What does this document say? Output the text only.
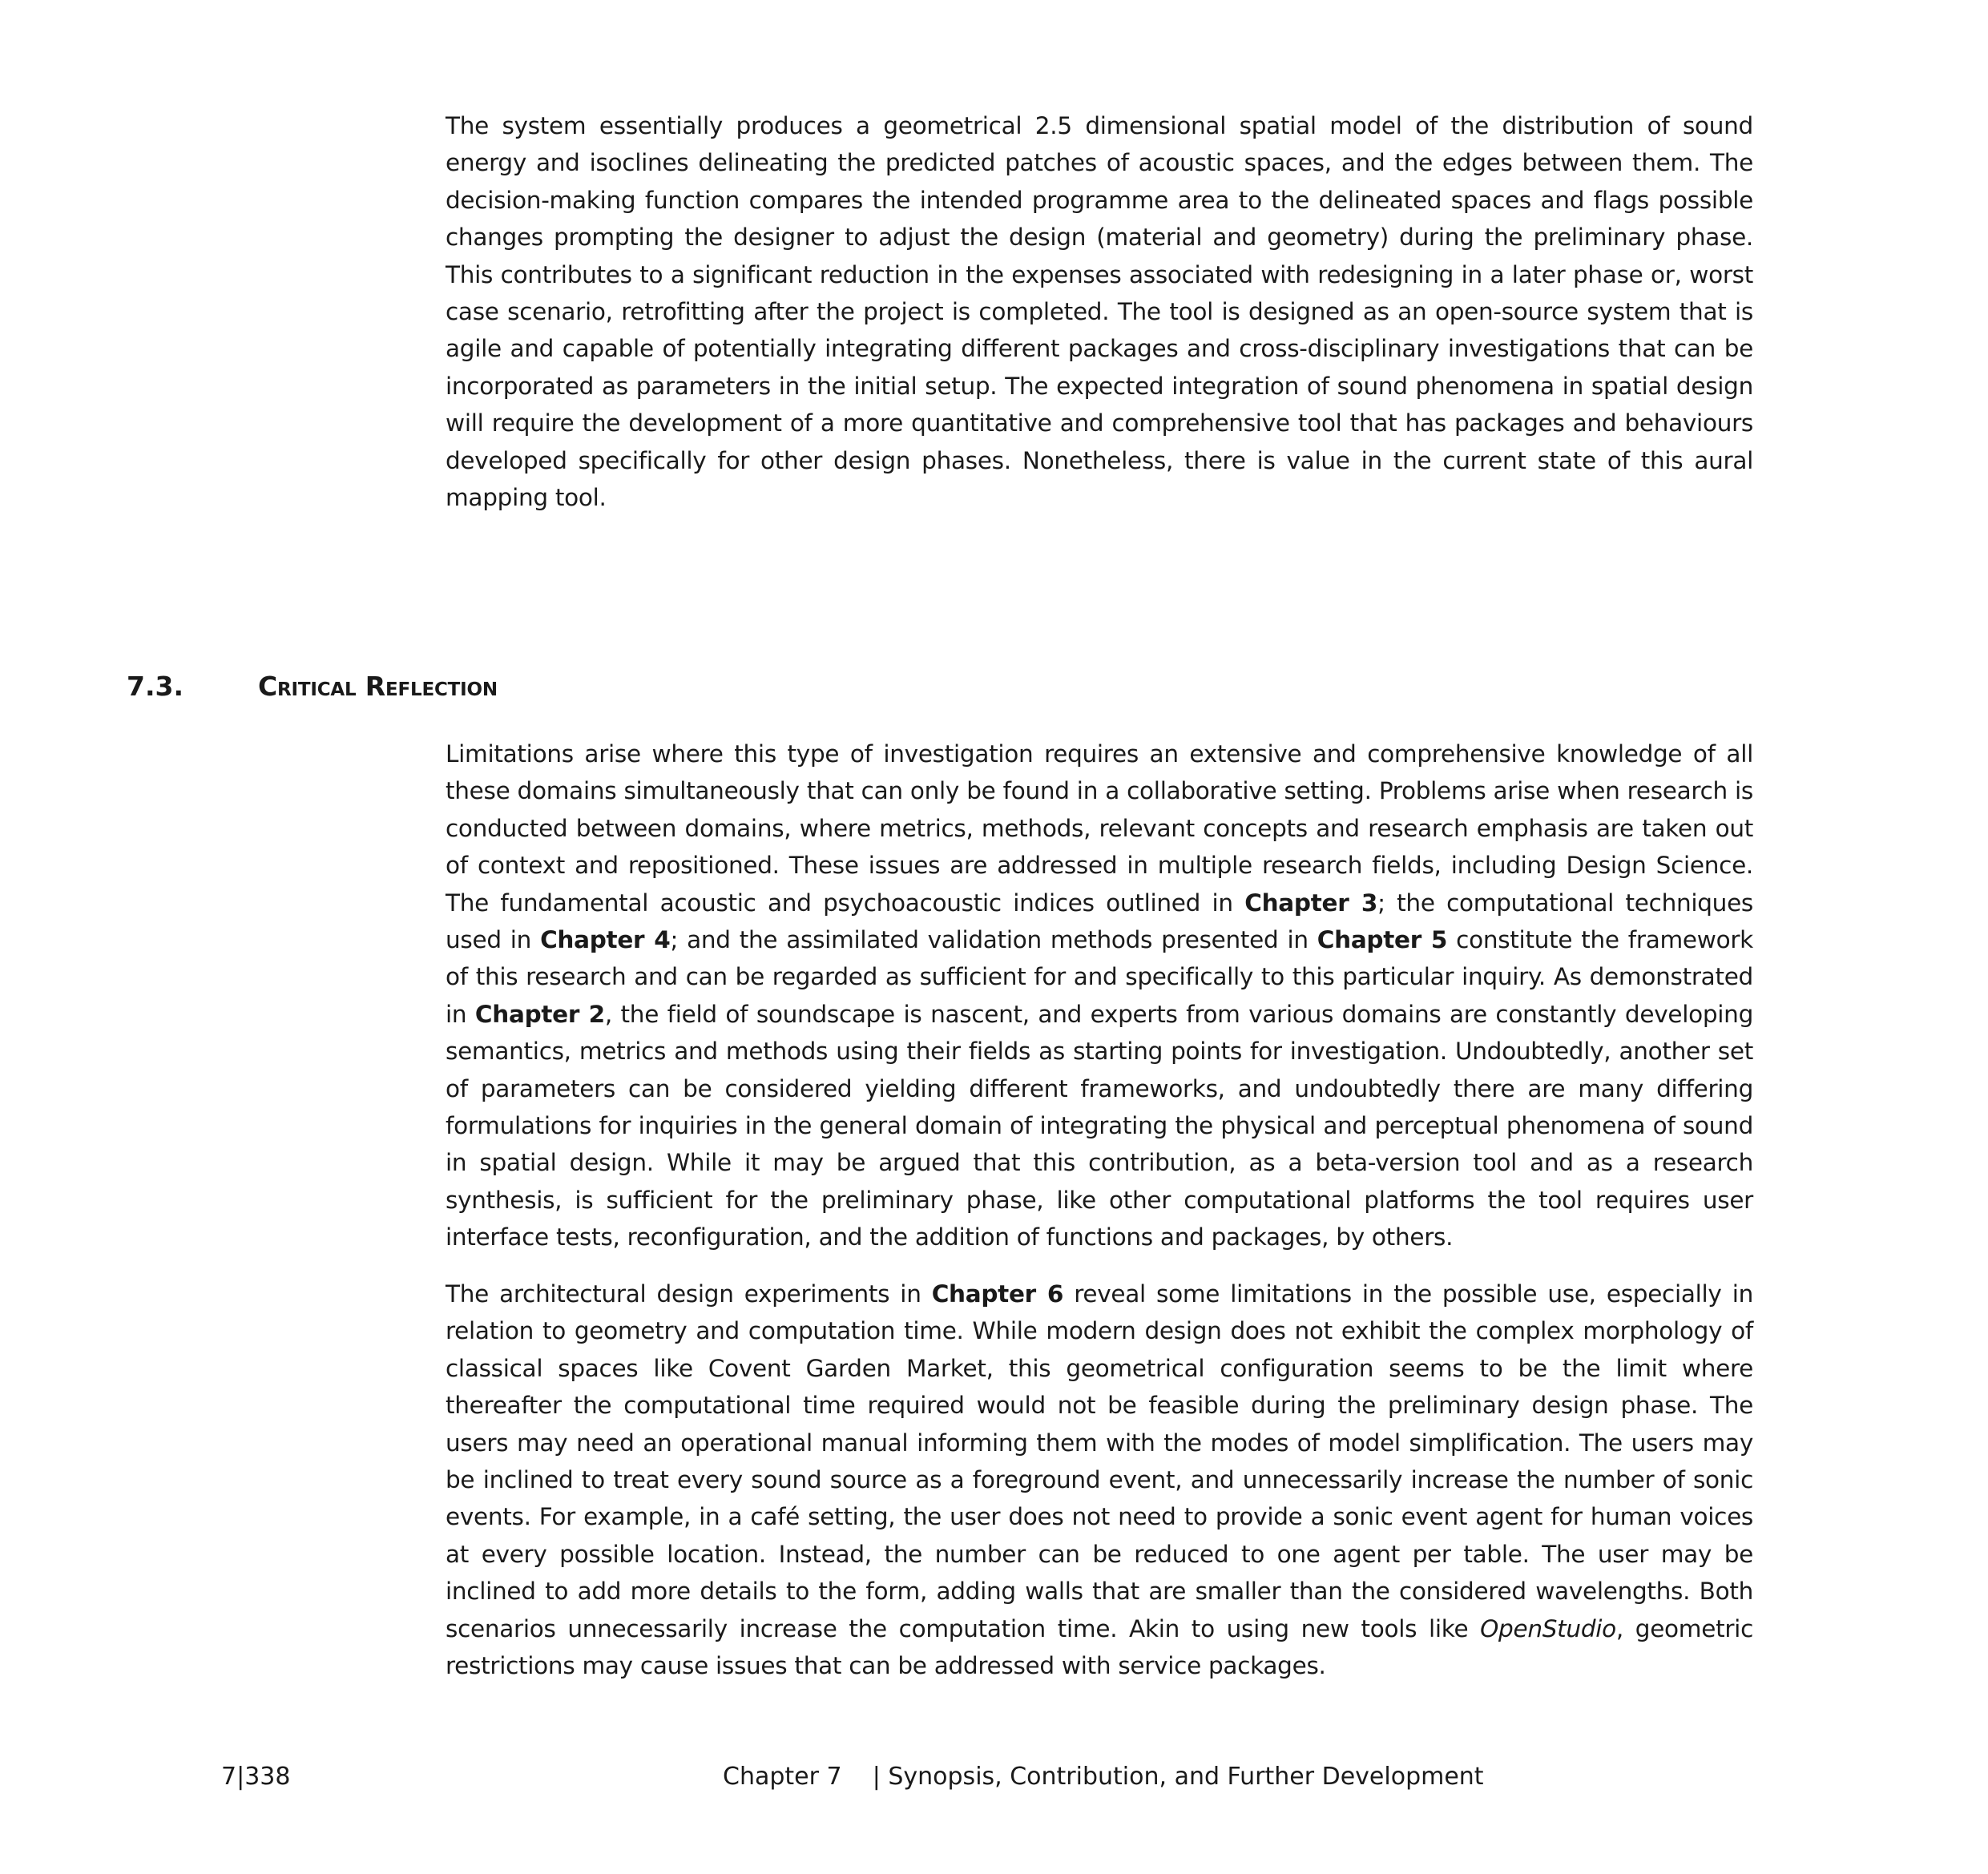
The system essentially produces a geometrical 2.5 dimensional spatial model of the distribution of sound energy and isoclines delineating the predicted patches of acoustic spaces, and the edges between them. The decision-making function compares the intended programme area to the delineated spaces and flags possible changes prompting the designer to adjust the design (material and geometry) during the preliminary phase. This contributes to a significant reduction in the expenses associated with redesigning in a later phase or, worst case scenario, retrofitting after the project is completed. The tool is designed as an open-source system that is agile and capable of potentially integrating different packages and cross-disciplinary investigations that can be incorporated as parameters in the initial setup. The expected integration of sound phenomena in spatial design will require the development of a more quantitative and comprehensive tool that has packages and behaviours developed specifically for other design phases. Nonetheless, there is value in the current state of this aural mapping tool.

7.3.	Critical Reflection

Limitations arise where this type of investigation requires an extensive and comprehensive knowledge of all these domains simultaneously that can only be found in a collaborative setting. Problems arise when research is conducted between domains, where metrics, methods, relevant concepts and research emphasis are taken out of context and repositioned. These issues are addressed in multiple research fields, including Design Science. The fundamental acoustic and psychoacoustic indices outlined in Chapter 3; the computational techniques used in Chapter 4; and the assimilated validation methods presented in Chapter 5 constitute the framework of this research and can be regarded as sufficient for and specifically to this particular inquiry. As demonstrated in Chapter 2, the field of soundscape is nascent, and experts from various domains are constantly developing semantics, metrics and methods using their fields as starting points for investigation. Undoubtedly, another set of parameters can be considered yielding different frameworks, and undoubtedly there are many differing formulations for inquiries in the general domain of integrating the physical and perceptual phenomena of sound in spatial design. While it may be argued that this contribution, as a beta-version tool and as a research synthesis, is sufficient for the preliminary phase, like other computational platforms the tool requires user interface tests, reconfiguration, and the addition of functions and packages, by others.

The architectural design experiments in Chapter 6 reveal some limitations in the possible use, especially in relation to geometry and computation time. While modern design does not exhibit the complex morphology of classical spaces like Covent Garden Market, this geometrical configuration seems to be the limit where thereafter the computational time required would not be feasible during the preliminary design phase. The users may need an operational manual informing them with the modes of model simplification. The users may be inclined to treat every sound source as a foreground event, and unnecessarily increase the number of sonic events. For example, in a café setting, the user does not need to provide a sonic event agent for human voices at every possible location. Instead, the number can be reduced to one agent per table. The user may be inclined to add more details to the form, adding walls that are smaller than the considered wavelengths. Both scenarios unnecessarily increase the computation time. Akin to using new tools like OpenStudio, geometric restrictions may cause issues that can be addressed with service packages.

7|338	Chapter 7    | Synopsis, Contribution, and Further Development
